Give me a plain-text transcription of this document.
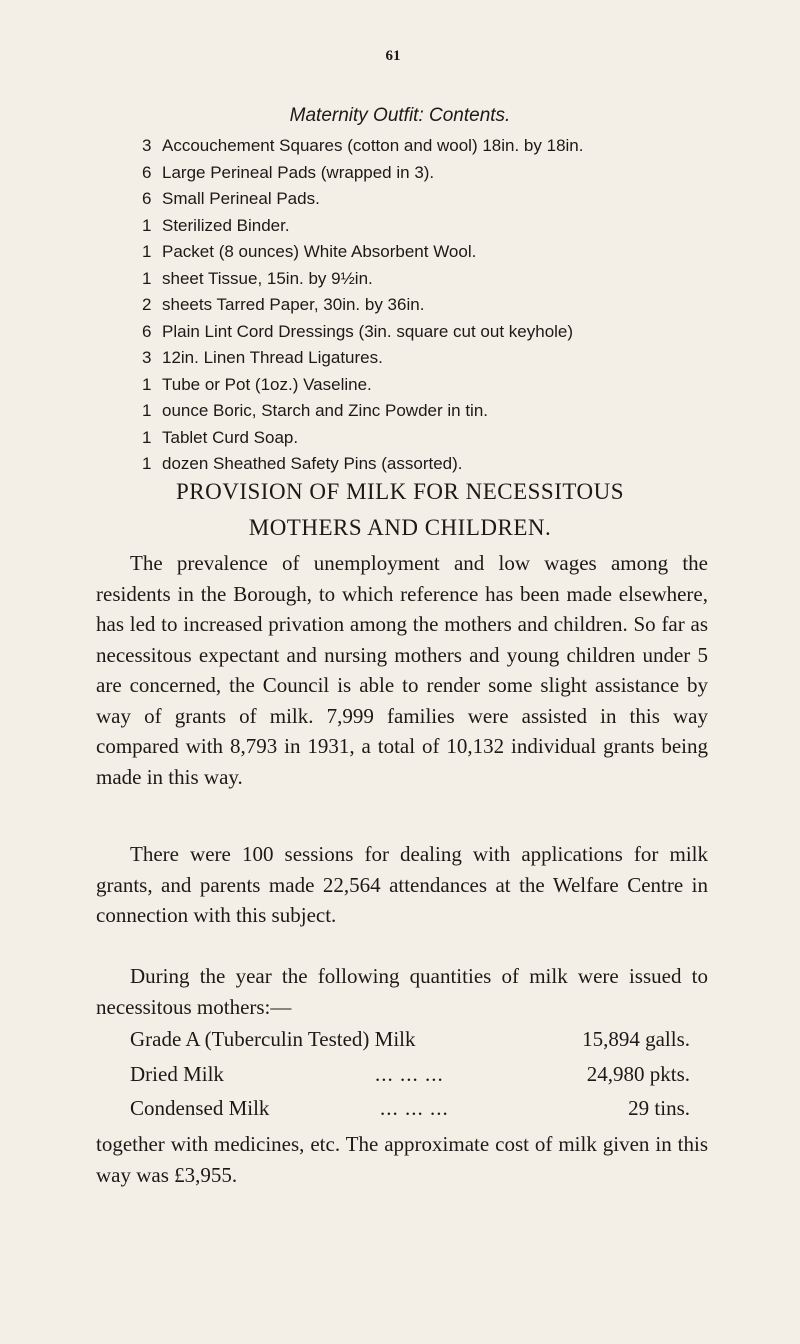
61
Maternity Outfit: Contents.
3 Accouchement Squares (cotton and wool) 18in. by 18in.
6 Large Perineal Pads (wrapped in 3).
6 Small Perineal Pads.
1 Sterilized Binder.
1 Packet (8 ounces) White Absorbent Wool.
1 sheet Tissue, 15in. by 9½in.
2 sheets Tarred Paper, 30in. by 36in.
6 Plain Lint Cord Dressings (3in. square cut out keyhole)
3 12in. Linen Thread Ligatures.
1 Tube or Pot (1oz.) Vaseline.
1 ounce Boric, Starch and Zinc Powder in tin.
1 Tablet Curd Soap.
1 dozen Sheathed Safety Pins (assorted).
PROVISION OF MILK FOR NECESSITOUS
MOTHERS AND CHILDREN.

The prevalence of unemployment and low wages among the residents in the Borough, to which reference has been made elsewhere, has led to increased privation among the mothers and children. So far as necessitous expectant and nursing mothers and young children under 5 are concerned, the Council is able to render some slight assistance by way of grants of milk. 7,999 families were assisted in this way compared with 8,793 in 1931, a total of 10,132 individual grants being made in this way.

There were 100 sessions for dealing with applications for milk grants, and parents made 22,564 attendances at the Welfare Centre in connection with this subject.

During the year the following quantities of milk were issued to necessitous mothers:—

Grade A (Tuberculin Tested) Milk	15,894 galls.
Dried Milk	... ... ...	24,980 pkts.
Condensed Milk	... ... ...	29 tins.

together with medicines, etc. The approximate cost of milk given in this way was £3,955.
